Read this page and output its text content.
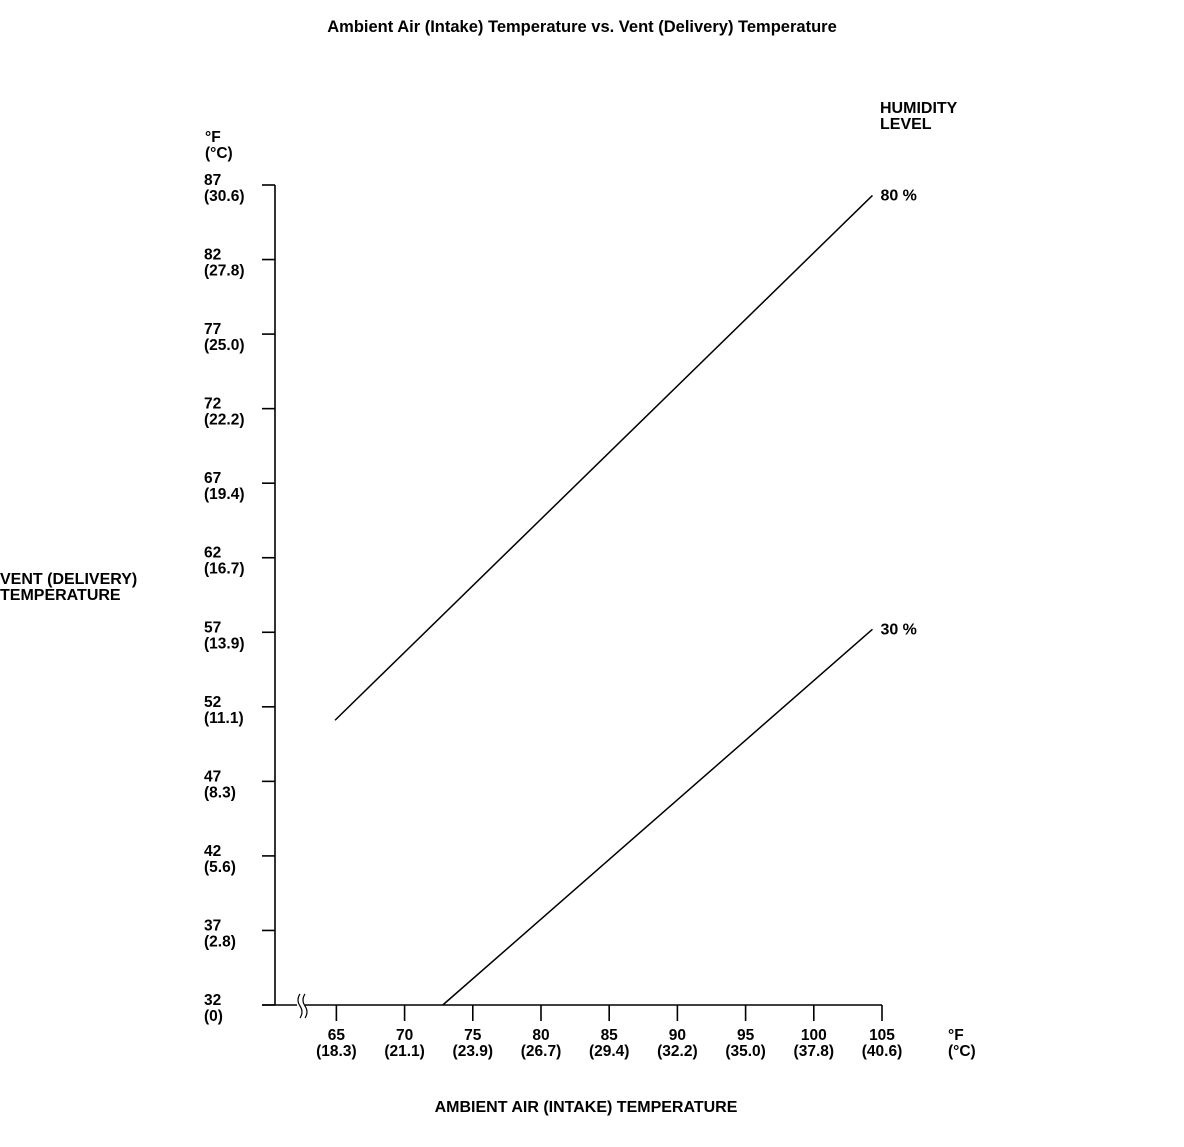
Ambient Air (Intake) Temperature vs. Vent (Delivery) Temperature
°F (°C)
HUMIDITY LEVEL
VENT (DELIVERY) TEMPERATURE
°F (°C)
AMBIENT AIR (INTAKE) TEMPERATURE
87 (30.6)
82 (27.8)
77 (25.0)
72 (22.2)
67 (19.4)
62 (16.7)
57 (13.9)
52 (11.1)
47 (8.3)
42 (5.6)
37 (2.8)
32 (0)
65 (18.3)
70 (21.1)
75 (23.9)
80 (26.7)
85 (29.4)
90 (32.2)
95 (35.0)
100 (37.8)
105 (40.6)
80 %
30 %
